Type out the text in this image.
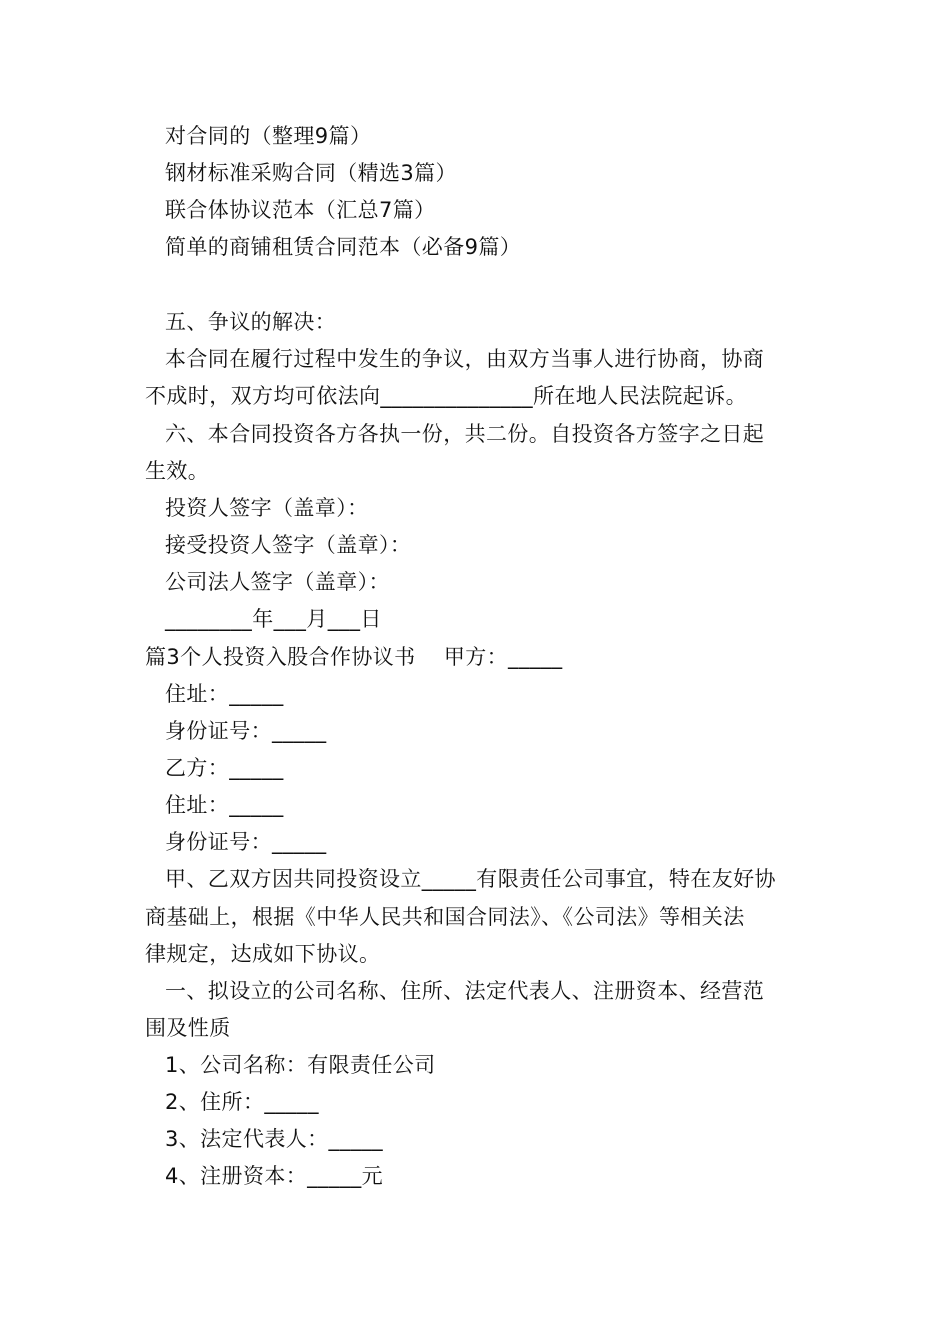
对合同的（整理9篇）
钢材标准采购合同（精选3篇）
联合体协议范本（汇总7篇）
简单的商铺租赁合同范本（必备9篇）
五、争议的解决：
本合同在履行过程中发生的争议，由双方当事人进行协商，协商
不成时，双方均可依法向______________所在地人民法院起诉。
六、本合同投资各方各执一份，共二份。自投资各方签字之日起
生效。
投资人签字（盖章）：
接受投资人签字（盖章）：
公司法人签字（盖章）：
________年___月___日
篇3个人投资入股合作协议书    甲方：_____
住址：_____
身份证号：_____
乙方：_____
住址：_____
身份证号：_____
甲、乙双方因共同投资设立_____有限责任公司事宜，特在友好协
商基础上，根据《中华人民共和国合同法》、《公司法》等相关法
律规定，达成如下协议。
一、拟设立的公司名称、住所、法定代表人、注册资本、经营范
围及性质
1、公司名称：有限责任公司
2、住所：_____
3、法定代表人：_____
4、注册资本：_____元
